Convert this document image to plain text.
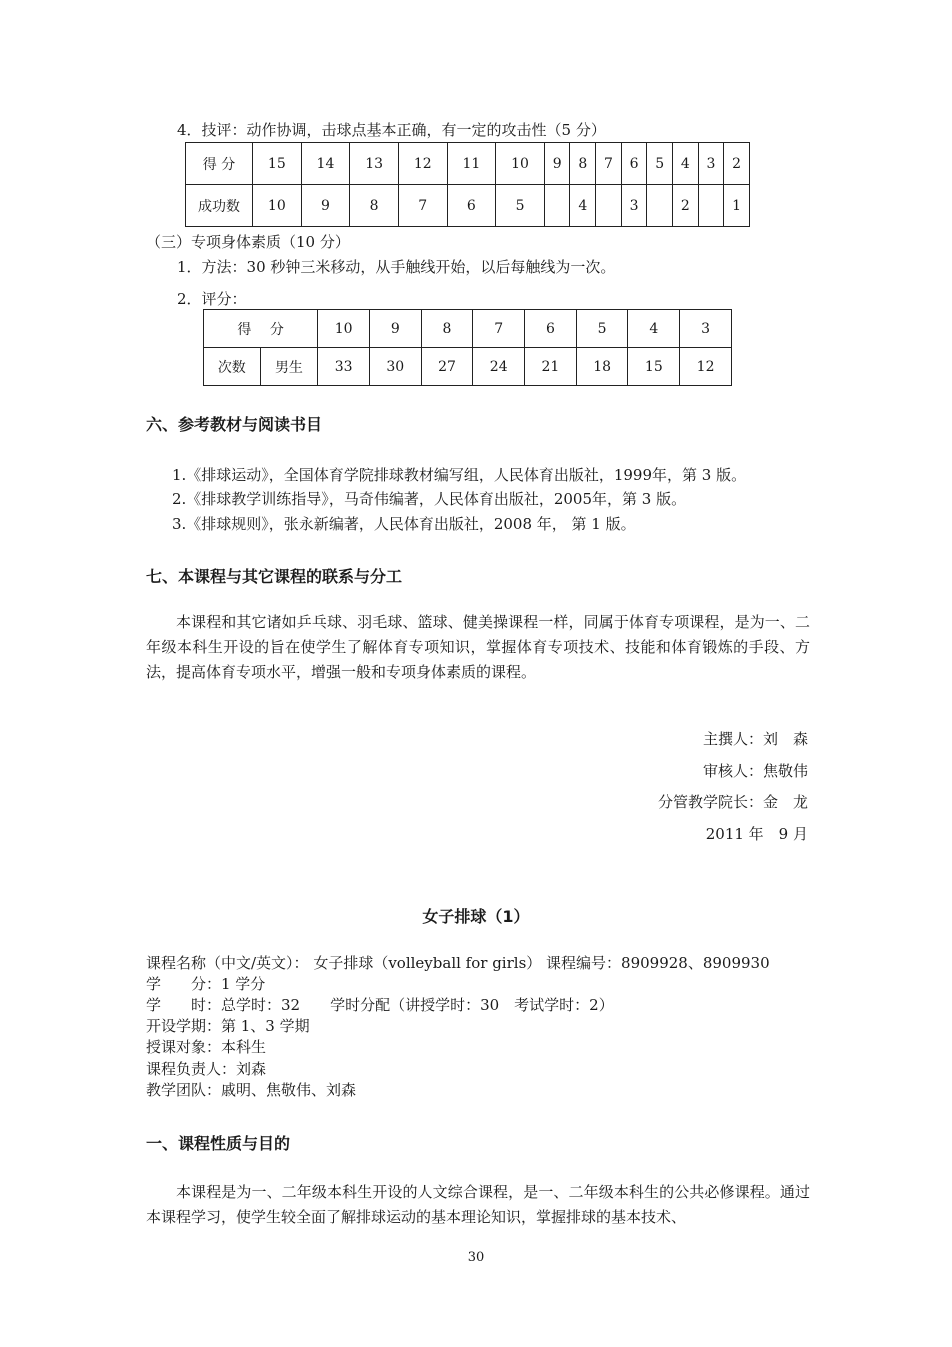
4．技评：动作协调，击球点基本正确，有一定的攻击性（5 分）
得 分	15	14	13	12	11	10	9	8	7	6	5	4	3	2
成功数	10	9	8	7	6	5		4		3		2		1
（三）专项身体素质（10 分）
1．方法：30 秒钟三米移动，从手触线开始，以后每触线为一次。
2．评分：
得　 分		10	9	8	7	6	5	4	3
次数	男生	33	30	27	24	21	18	15	12
六、参考教材与阅读书目
1.《排球运动》，全国体育学院排球教材编写组，人民体育出版社，1999年，第 3 版。
2.《排球教学训练指导》，马奇伟编著，人民体育出版社，2005年，第 3 版。
3.《排球规则》，张永新编著，人民体育出版社，2008 年， 第 1 版。
七、本课程与其它课程的联系与分工
本课程和其它诸如乒乓球、羽毛球、篮球、健美操课程一样，同属于体育专项课程，是为一、二年级本科生开设的旨在使学生了解体育专项知识，掌握体育专项技术、技能和体育锻炼的手段、方法，提高体育专项水平，增强一般和专项身体素质的课程。
主撰人：刘　森
审核人：焦敬伟
分管教学院长：金　龙
2011 年　9 月
女子排球（1）
课程名称（中文/英文）： 女子排球（volleyball for girls） 课程编号：8909928、8909930
学　　分：1 学分
学　　时：总学时：32　　学时分配（讲授学时：30　考试学时：2）
开设学期：第 1、3 学期
授课对象：本科生
课程负责人：刘森
教学团队：戚明、焦敬伟、刘森
一、课程性质与目的
本课程是为一、二年级本科生开设的人文综合课程，是一、二年级本科生的公共必修课程。通过本课程学习，使学生较全面了解排球运动的基本理论知识，掌握排球的基本技术、
30
